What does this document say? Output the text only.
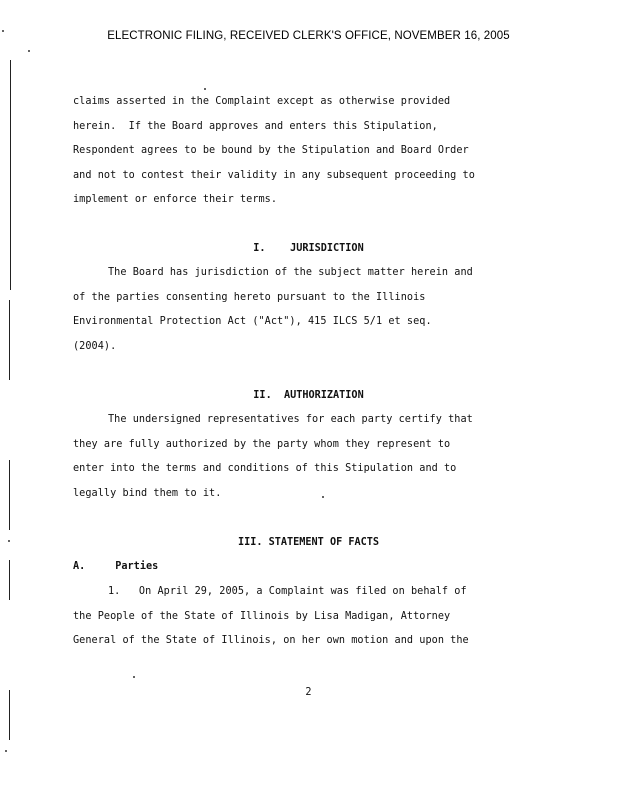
ELECTRONIC FILING, RECEIVED CLERK'S OFFICE, NOVEMBER 16, 2005
claims asserted in the Complaint except as otherwise provided
herein.  If the Board approves and enters this Stipulation,
Respondent agrees to be bound by the Stipulation and Board Order
and not to contest their validity in any subsequent proceeding to
implement or enforce their terms.
I.    JURISDICTION
The Board has jurisdiction of the subject matter herein and
of the parties consenting hereto pursuant to the Illinois
Environmental Protection Act ("Act"), 415 ILCS 5/1 et seq.
(2004).
II.  AUTHORIZATION
The undersigned representatives for each party certify that
they are fully authorized by the party whom they represent to
enter into the terms and conditions of this Stipulation and to
legally bind them to it.
III. STATEMENT OF FACTS
A.	Parties
1.   On April 29, 2005, a Complaint was filed on behalf of
the People of the State of Illinois by Lisa Madigan, Attorney
General of the State of Illinois, on her own motion and upon the
2
